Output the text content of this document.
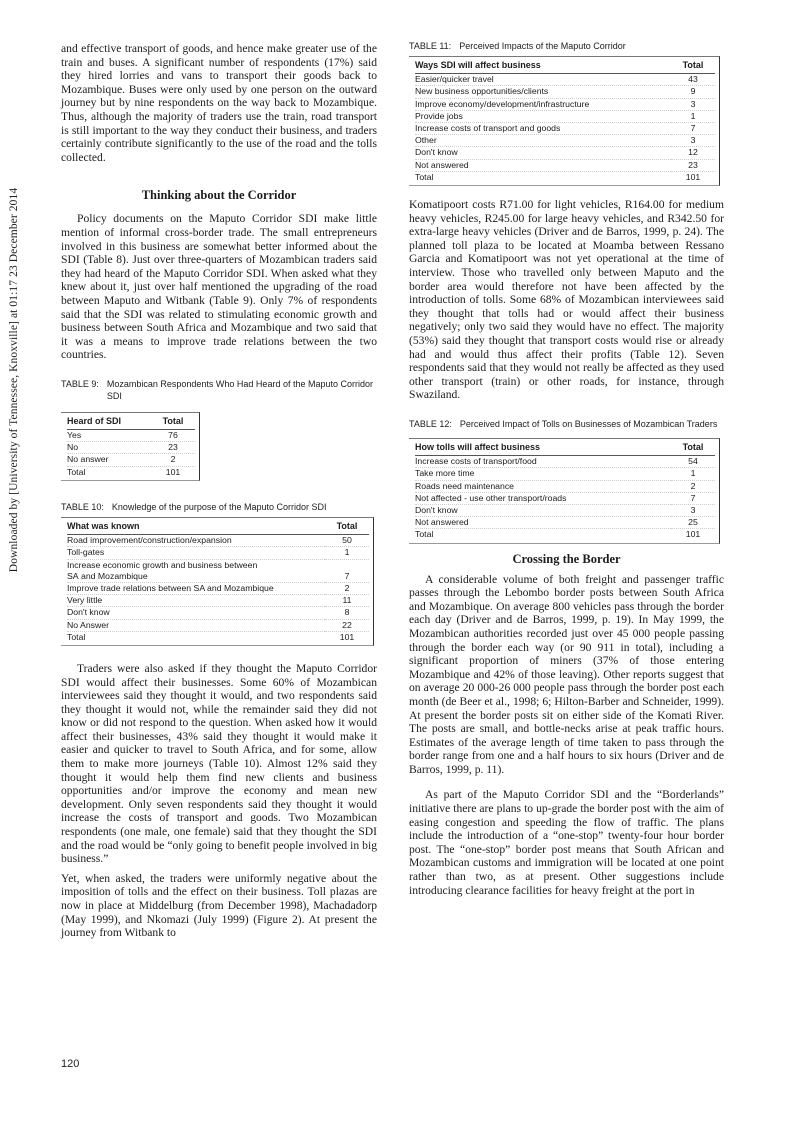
Downloaded by [University of Tennessee, Knoxville] at 01:17 23 December 2014

and effective transport of goods, and hence make greater use of the train and buses. A significant number of respondents (17%) said they hired lorries and vans to transport their goods back to Mozambique. Buses were only used by one person on the outward journey but by nine respondents on the way back to Mozambique. Thus, although the majority of traders use the train, road transport is still important to the way they conduct their business, and traders certainly contribute significantly to the use of the road and the tolls collected.

Thinking about the Corridor

Policy documents on the Maputo Corridor SDI make little mention of informal cross-border trade. The small entrepreneurs involved in this business are somewhat better informed about the SDI (Table 8). Just over three-quarters of Mozambican traders said they had heard of the Maputo Corridor SDI. When asked what they knew about it, just over half mentioned the upgrading of the road between Maputo and Witbank (Table 9). Only 7% of respondents said that the SDI was related to stimulating economic growth and business between South Africa and Mozambique and two said that it was a means to improve trade relations between the two countries.

TABLE 9: Mozambican Respondents Who Had Heard of the Maputo Corridor SDI
Heard of SDI	Total
Yes	76
No	23
No answer	2
Total	101
TABLE 10: Knowledge of the purpose of the Maputo Corridor SDI
What was known	Total
Road improvement/construction/expansion	50
Toll-gates	1
Increase economic growth and business between SA and Mozambique	7
Improve trade relations between SA and Mozambique	2
Very little	11
Don't know	8
No Answer	22
Total	101

Traders were also asked if they thought the Maputo Corridor SDI would affect their businesses. Some 60% of Mozambican interviewees said they thought it would, and two respondents said they thought it would not, while the remainder said they did not know or did not respond to the question. When asked how it would affect their businesses, 43% said they thought it would make it easier and quicker to travel to South Africa, and for some, allow them to make more journeys (Table 10). Almost 12% said they thought it would help them find new clients and business opportunities and/or improve the economy and mean new development. Only seven respondents said they thought it would increase the costs of transport and goods. Two Mozambican respondents (one male, one female) said that they thought the SDI and the road would be “only going to benefit people involved in big business.”

Yet, when asked, the traders were uniformly negative about the imposition of tolls and the effect on their business. Toll plazas are now in place at Middelburg (from December 1998), Machadadorp (May 1999), and Nkomazi (July 1999) (Figure 2). At present the journey from Witbank to

TABLE 11: Perceived Impacts of the Maputo Corridor
Ways SDI will affect business	Total
Easier/quicker travel	43
New business opportunities/clients	9
Improve economy/development/infrastructure	3
Provide jobs	1
Increase costs of transport and goods	7
Other	3
Don't know	12
Not answered	23
Total	101

Komatipoort costs R71.00 for light vehicles, R164.00 for medium heavy vehicles, R245.00 for large heavy vehicles, and R342.50 for extra-large heavy vehicles (Driver and de Barros, 1999, p. 24). The planned toll plaza to be located at Moamba between Ressano Garcia and Komatipoort was not yet operational at the time of interview. Those who travelled only between Maputo and the border area would therefore not have been affected by the introduction of tolls. Some 68% of Mozambican interviewees said they thought that tolls had or would affect their business negatively; only two said they would have no effect. The majority (53%) said they thought that transport costs would rise or already had and would thus affect their profits (Table 12). Seven respondents said that they would not really be affected as they used other transport (train) or other roads, for instance, through Swaziland.

TABLE 12: Perceived Impact of Tolls on Businesses of Mozambican Traders
How tolls will affect business	Total
Increase costs of transport/food	54
Take more time	1
Roads need maintenance	2
Not affected - use other transport/roads	7
Don't know	3
Not answered	25
Total	101
Crossing the Border

A considerable volume of both freight and passenger traffic passes through the Lebombo border posts between South Africa and Mozambique. On average 800 vehicles pass through the border each day (Driver and de Barros, 1999, p. 19). In May 1999, the Mozambican authorities recorded just over 45 000 people passing through the border each way (or 90 911 in total), including a significant proportion of miners (37% of those entering Mozambique and 42% of those leaving). Other reports suggest that on average 20 000-26 000 people pass through the border post each month (de Beer et al., 1998; 6; Hilton-Barber and Schneider, 1999). At present the border posts sit on either side of the Komati River. The posts are small, and bottle-necks arise at peak traffic hours. Estimates of the average length of time taken to pass through the border range from one and a half hours to six hours (Driver and de Barros, 1999, p. 11).

As part of the Maputo Corridor SDI and the “Borderlands” initiative there are plans to up-grade the border post with the aim of easing congestion and speeding the flow of traffic. The plans include the introduction of a “one-stop” twenty-four hour border post. The “one-stop” border post means that South African and Mozambican customs and immigration will be located at one point rather than two, as at present. Other suggestions include introducing clearance facilities for heavy freight at the port in

120
